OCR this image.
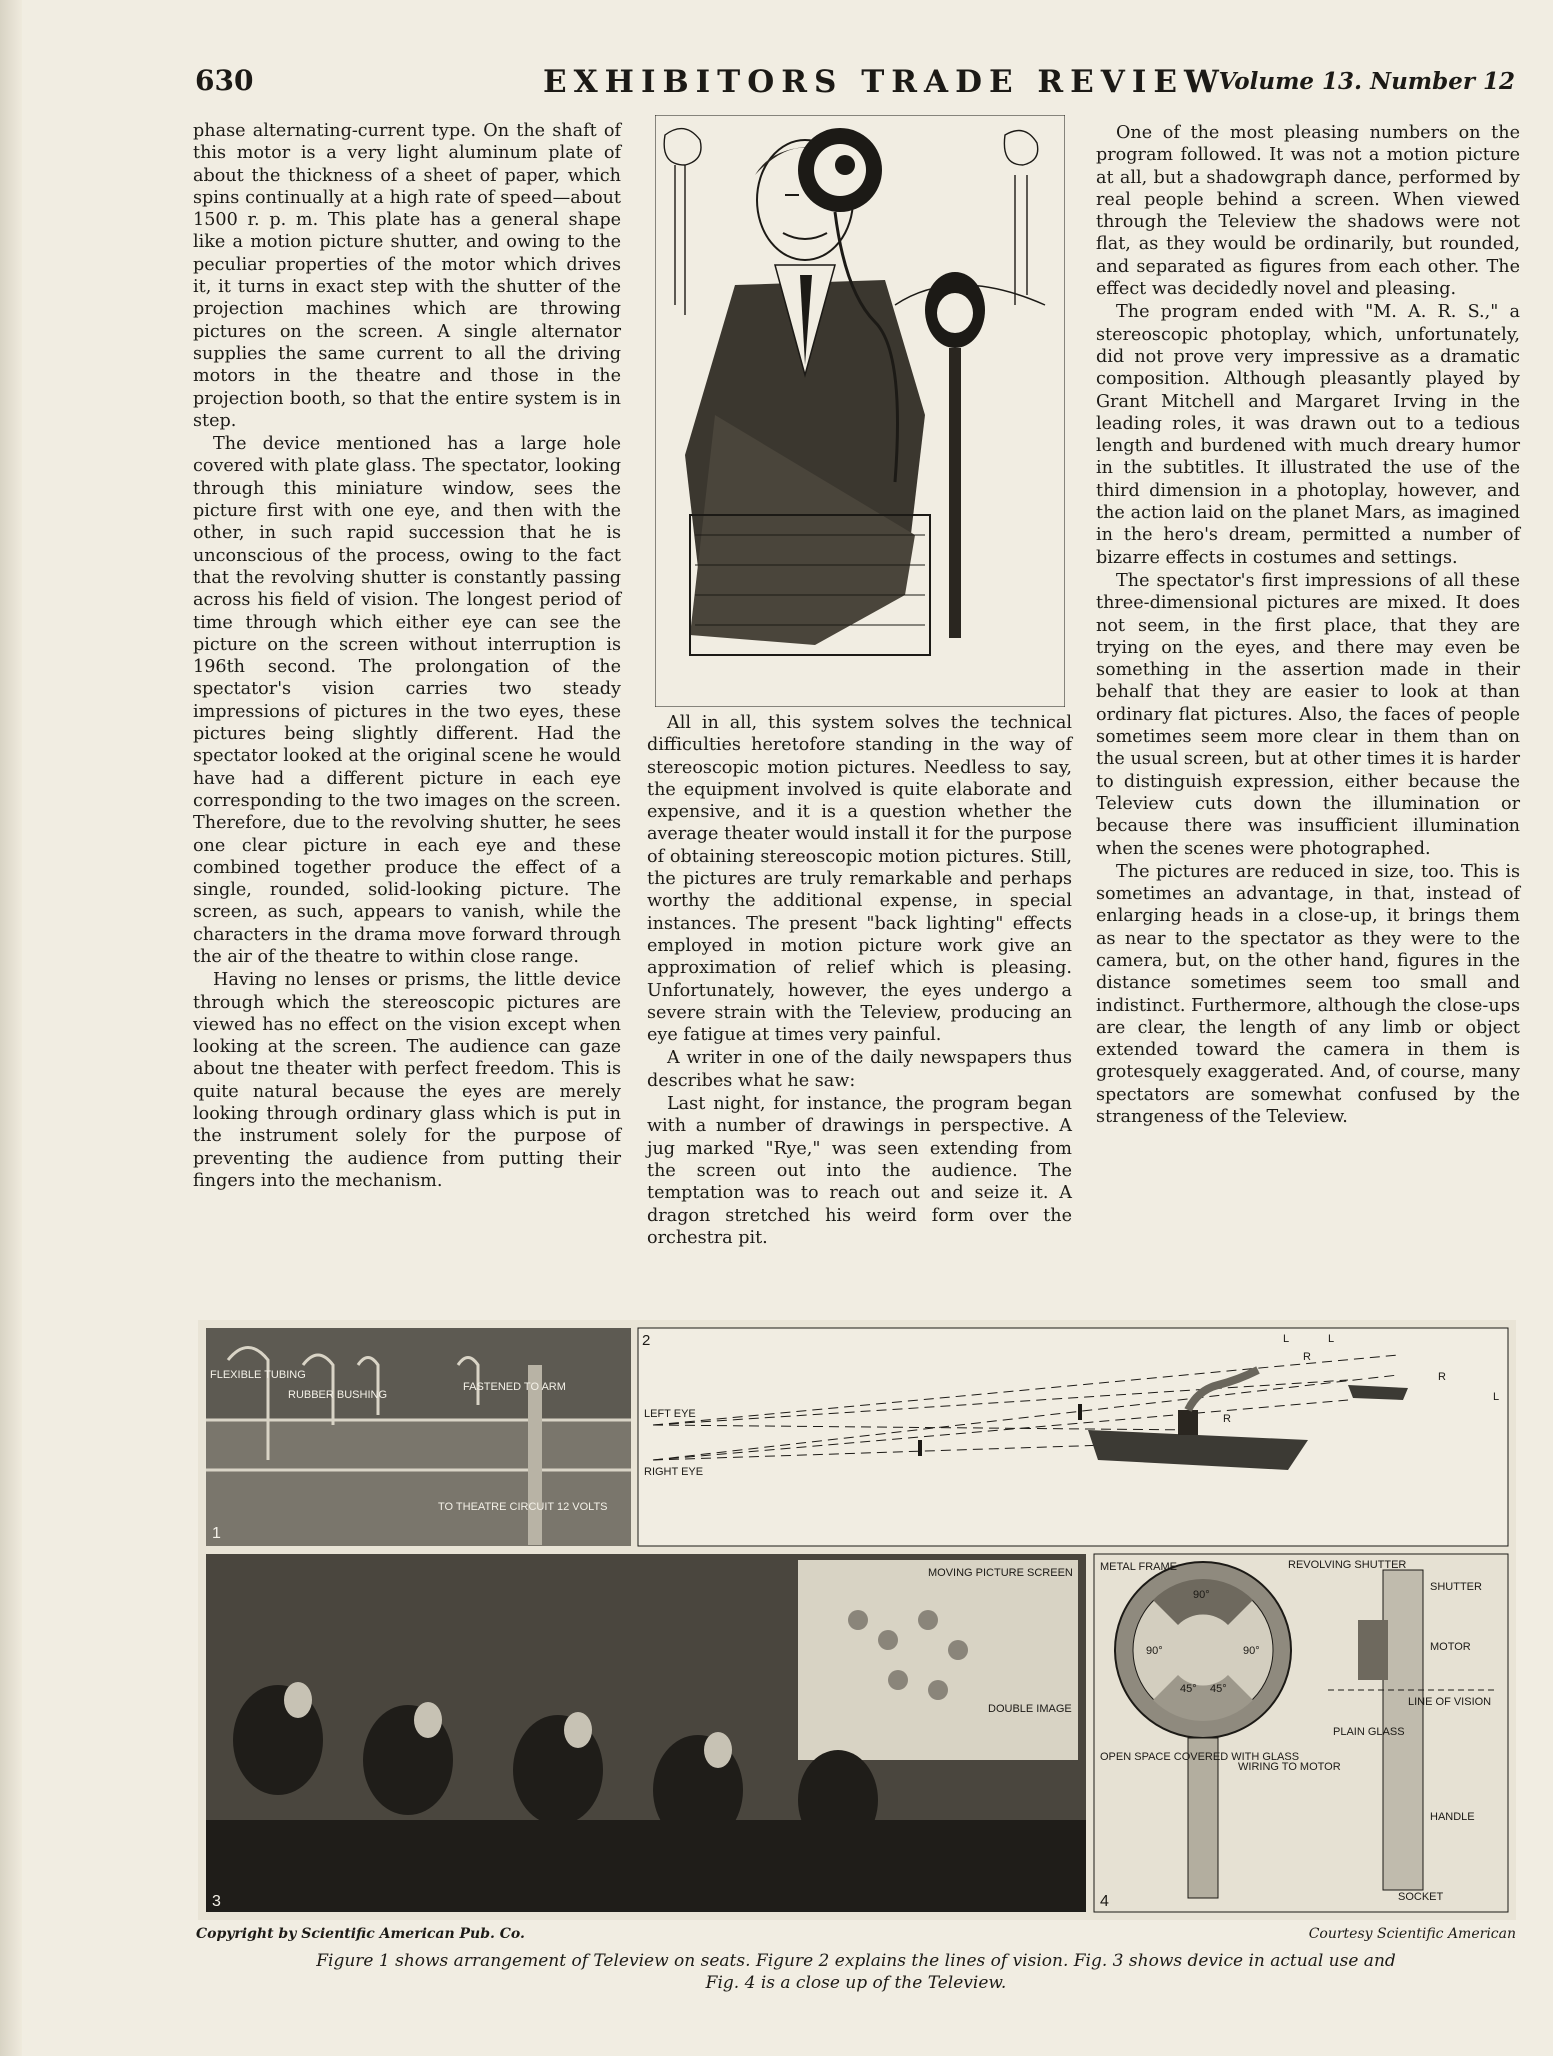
630	EXHIBITORS TRADE REVIEW
Volume 13. Number 12

phase alternating-current type. On the shaft of this motor is a very light aluminum plate of about the thickness of a sheet of paper, which spins continually at a high rate of speed—about 1500 r. p. m. This plate has a general shape like a motion picture shutter, and owing to the peculiar properties of the motor which drives it, it turns in exact step with the shutter of the projection machines which are throwing pictures on the screen. A single alternator supplies the same current to all the driving motors in the theatre and those in the projection booth, so that the entire system is in step.

The device mentioned has a large hole covered with plate glass. The spectator, looking through this miniature window, sees the picture first with one eye, and then with the other, in such rapid succession that he is unconscious of the process, owing to the fact that the revolving shutter is constantly passing across his field of vision. The longest period of time through which either eye can see the picture on the screen without interruption is 196th second. The prolongation of the spectator's vision carries two steady impressions of pictures in the two eyes, these pictures being slightly different. Had the spectator looked at the original scene he would have had a different picture in each eye corresponding to the two images on the screen. Therefore, due to the revolving shutter, he sees one clear picture in each eye and these combined together produce the effect of a single, rounded, solid-looking picture. The screen, as such, appears to vanish, while the characters in the drama move forward through the air of the theatre to within close range.

Having no lenses or prisms, the little device through which the stereoscopic pictures are viewed has no effect on the vision except when looking at the screen. The audience can gaze about tne theater with perfect freedom. This is quite natural because the eyes are merely looking through ordinary glass which is put in the instrument solely for the purpose of preventing the audience from putting their fingers into the mechanism.

All in all, this system solves the technical difficulties heretofore standing in the way of stereoscopic motion pictures. Needless to say, the equipment involved is quite elaborate and expensive, and it is a question whether the average theater would install it for the purpose of obtaining stereoscopic motion pictures. Still, the pictures are truly remarkable and perhaps worthy the additional expense, in special instances. The present "back lighting" effects employed in motion picture work give an approximation of relief which is pleasing. Unfortunately, however, the eyes undergo a severe strain with the Teleview, producing an eye fatigue at times very painful.

A writer in one of the daily newspapers thus describes what he saw:

Last night, for instance, the program began with a number of drawings in perspective. A jug marked "Rye," was seen extending from the screen out into the audience. The temptation was to reach out and seize it. A dragon stretched his weird form over the orchestra pit.

One of the most pleasing numbers on the program followed. It was not a motion picture at all, but a shadowgraph dance, performed by real people behind a screen. When viewed through the Teleview the shadows were not flat, as they would be ordinarily, but rounded, and separated as figures from each other. The effect was decidedly novel and pleasing.

The program ended with "M. A. R. S.," a stereoscopic photoplay, which, unfortunately, did not prove very impressive as a dramatic composition. Although pleasantly played by Grant Mitchell and Margaret Irving in the leading roles, it was drawn out to a tedious length and burdened with much dreary humor in the subtitles. It illustrated the use of the third dimension in a photoplay, however, and the action laid on the planet Mars, as imagined in the hero's dream, permitted a number of bizarre effects in costumes and settings.

The spectator's first impressions of all these three-dimensional pictures are mixed. It does not seem, in the first place, that they are trying on the eyes, and there may even be something in the assertion made in their behalf that they are easier to look at than ordinary flat pictures. Also, the faces of people sometimes seem more clear in them than on the usual screen, but at other times it is harder to distinguish expression, either because the Teleview cuts down the illumination or because there was insufficient illumination when the scenes were photographed.

The pictures are reduced in size, too. This is sometimes an advantage, in that, instead of enlarging heads in a close-up, it brings them as near to the spectator as they were to the camera, but, on the other hand, figures in the distance sometimes seem too small and indistinct. Furthermore, although the close-ups are clear, the length of any limb or object extended toward the camera in them is grotesquely exaggerated. And, of course, many spectators are somewhat confused by the strangeness of the Teleview.

FLEXIBLE TUBING
RUBBER BUSHING
FASTENED TO ARM
TO THEATRE CIRCUIT 12 VOLTS
1
2
LEFT EYE
RIGHT EYE
L
R
L
R
R
L
MOVING PICTURE SCREEN
DOUBLE IMAGE
3
METAL FRAME	REVOLVING SHUTTER
SHUTTER
MOTOR
LINE OF VISION
PLAIN GLASS
OPEN SPACE COVERED WITH GLASS
WIRING TO MOTOR
HANDLE
SOCKET
90°
90°	90°
45° 45°
4
Copyright by Scientific American Pub. Co.	Courtesy Scientific American
Figure 1 shows arrangement of Teleview on seats. Figure 2 explains the lines of vision. Fig. 3 shows device in actual use and
Fig. 4 is a close up of the Teleview.
